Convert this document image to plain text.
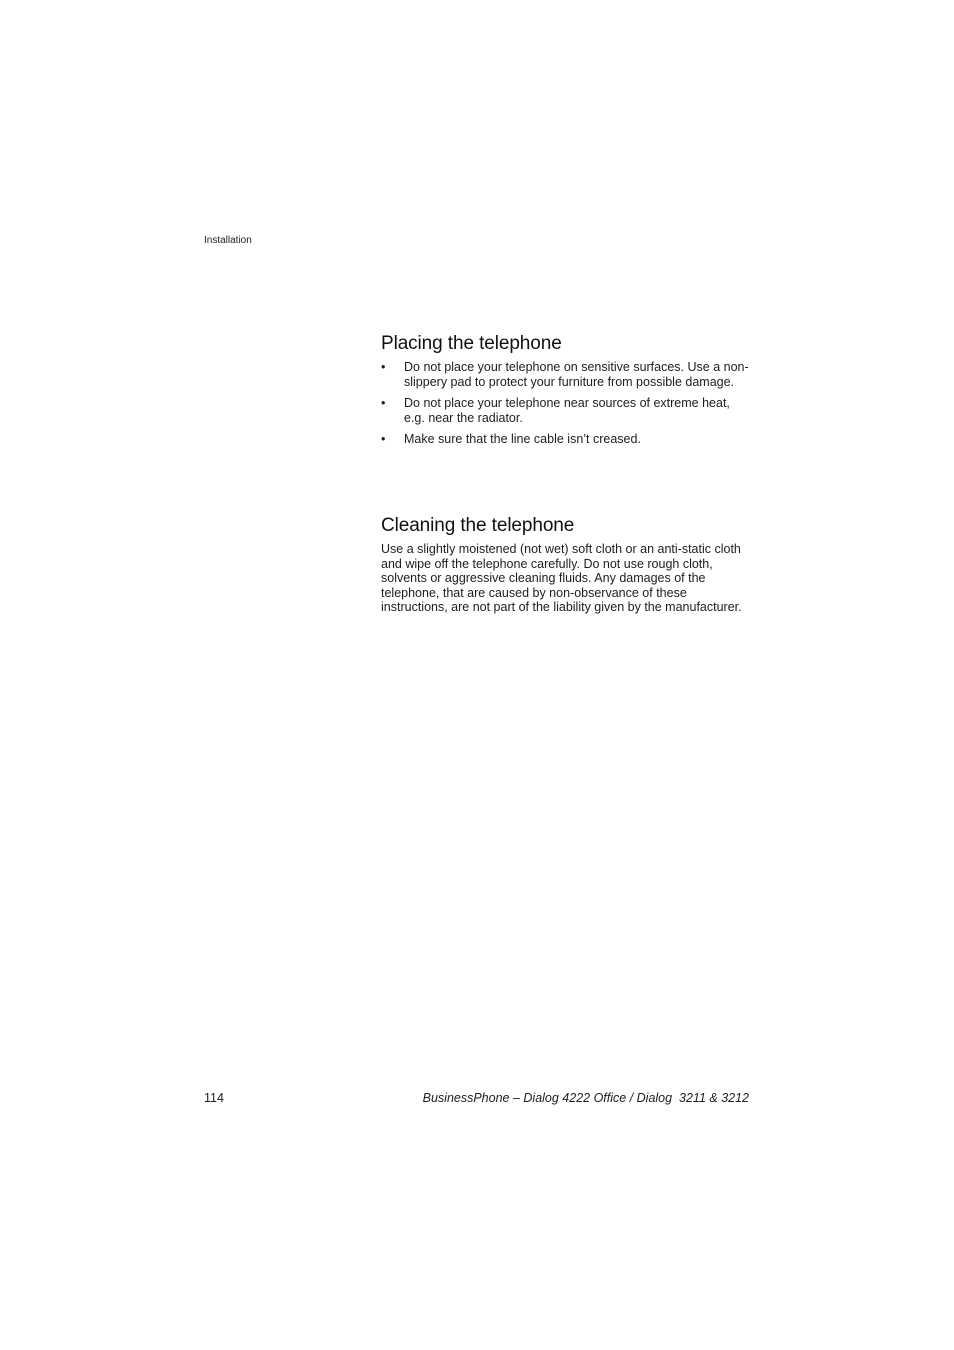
Installation
Placing the telephone
• Do not place your telephone on sensitive surfaces. Use a non-slippery pad to protect your furniture from possible damage.
• Do not place your telephone near sources of extreme heat, e.g. near the radiator.
• Make sure that the line cable isn’t creased.
Cleaning the telephone

Use a slightly moistened (not wet) soft cloth or an anti-static cloth and wipe off the telephone carefully. Do not use rough cloth, solvents or aggressive cleaning fluids. Any damages of the telephone, that are caused by non-observance of these instructions, are not part of the liability given by the manufacturer.

114	BusinessPhone – Dialog 4222 Office / Dialog  3211 & 3212
